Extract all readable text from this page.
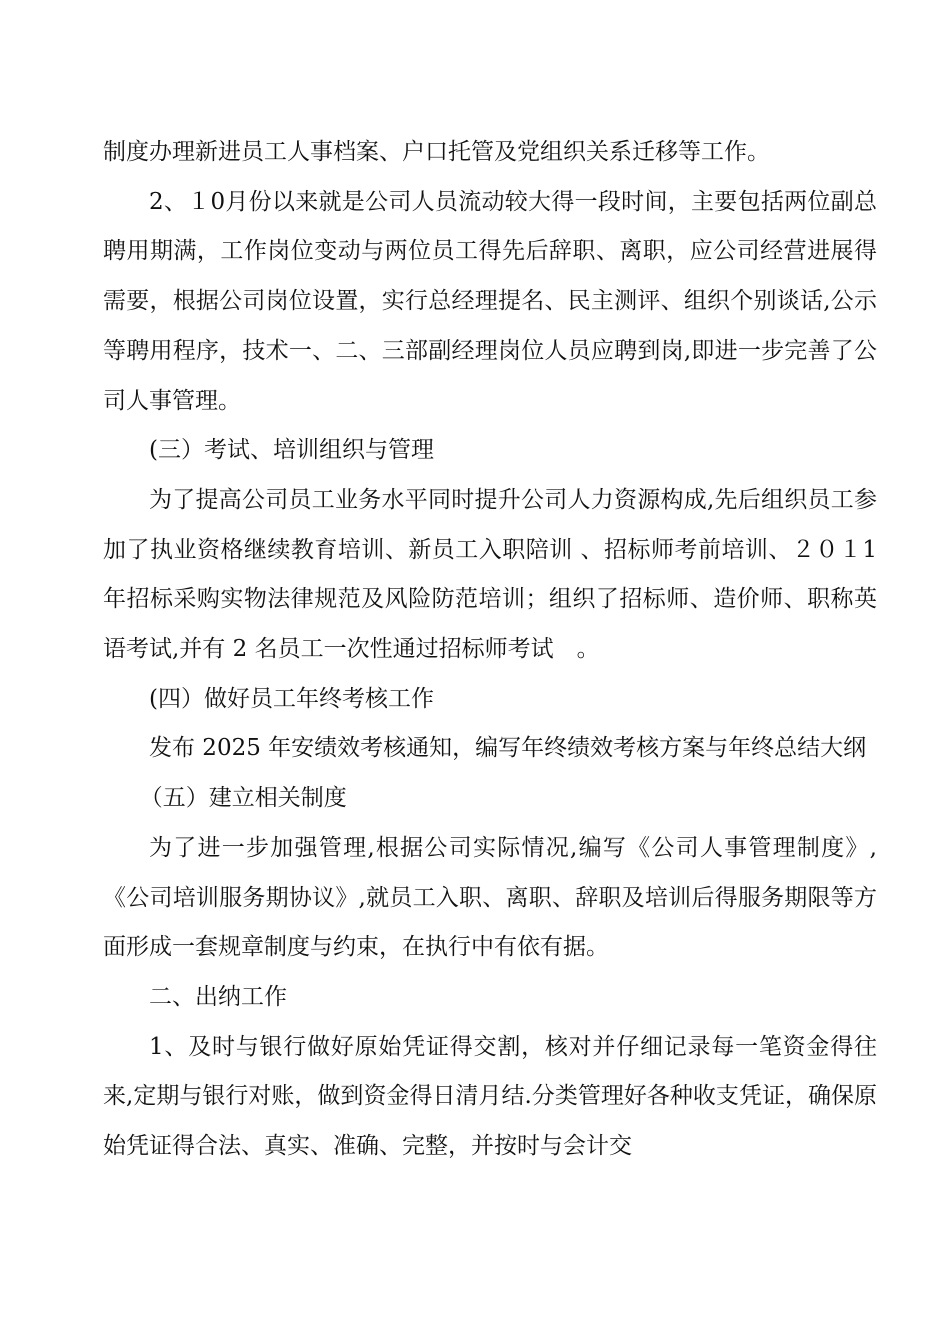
制度办理新进员工人事档案、户口托管及党组织关系迁移等工作。

2、１0月份以来就是公司人员流动较大得一段时间，主要包括两位副总聘用期满，工作岗位变动与两位员工得先后辞职、离职，应公司经营进展得需要，根据公司岗位设置，实行总经理提名、民主测评、组织个别谈话,公示等聘用程序，技术一、二、三部副经理岗位人员应聘到岗,即进一步完善了公司人事管理。

(三）考试、培训组织与管理

为了提高公司员工业务水平同时提升公司人力资源构成,先后组织员工参加了执业资格继续教育培训、新员工入职陪训 、招标师考前培训、２０１1年招标采购实物法律规范及风险防范培训；组织了招标师、造价师、职称英语考试,并有 2 名员工一次性通过招标师考试　。

(四）做好员工年终考核工作

发布 2025 年安绩效考核通知，编写年终绩效考核方案与年终总结大纲

（五）建立相关制度

为了进一步加强管理,根据公司实际情况,编写《公司人事管理制度》,《公司培训服务期协议》,就员工入职、离职、辞职及培训后得服务期限等方面形成一套规章制度与约束，在执行中有依有据。

二、出纳工作

1、及时与银行做好原始凭证得交割，核对并仔细记录每一笔资金得往来,定期与银行对账，做到资金得日清月结.分类管理好各种收支凭证，确保原始凭证得合法、真实、准确、完整，并按时与会计交
